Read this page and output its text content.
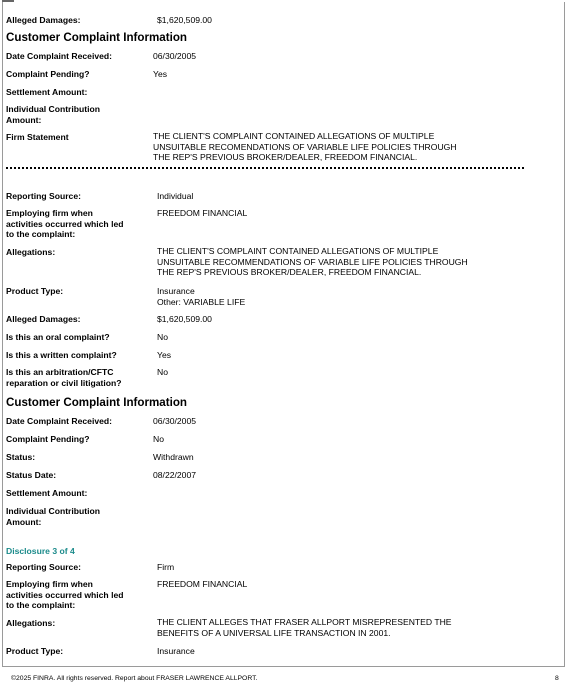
Alleged Damages:	$1,620,509.00
Customer Complaint Information
Date Complaint Received:	06/30/2005
Complaint Pending?	Yes
Settlement Amount:
Individual Contribution Amount:
Firm Statement	THE CLIENT'S COMPLAINT CONTAINED ALLEGATIONS OF MULTIPLE
UNSUITABLE RECOMENDATIONS OF VARIABLE LIFE POLICIES THROUGH
THE REP'S PREVIOUS BROKER/DEALER, FREEDOM FINANCIAL.
Reporting Source:	Individual
Employing firm when
activities occurred which led
to the complaint:
FREEDOM FINANCIAL
Allegations:	THE CLIENT'S COMPLAINT CONTAINED ALLEGATIONS OF MULTIPLE
UNSUITABLE RECOMMENDATIONS OF VARIABLE LIFE POLICIES THROUGH
THE REP'S PREVIOUS BROKER/DEALER, FREEDOM FINANCIAL.
Product Type:	Insurance
Other: VARIABLE LIFE
Alleged Damages:	$1,620,509.00
Is this an oral complaint?	No
Is this a written complaint?	Yes
Is this an arbitration/CFTC
reparation or civil litigation?
No
Customer Complaint Information
Date Complaint Received:	06/30/2005
Complaint Pending?	No
Status:	Withdrawn
Status Date:	08/22/2007
Settlement Amount:
Individual Contribution
Amount:
Disclosure 3 of 4
Reporting Source:	Firm
Employing firm when
activities occurred which led
to the complaint:
FREEDOM FINANCIAL
Allegations:	THE CLIENT ALLEGES THAT FRASER ALLPORT MISREPRESENTED THE
BENEFITS OF A UNIVERSAL LIFE TRANSACTION IN 2001.
Product Type:	Insurance
©2025 FINRA. All rights reserved. Report about FRASER LAWRENCE ALLPORT.	8
